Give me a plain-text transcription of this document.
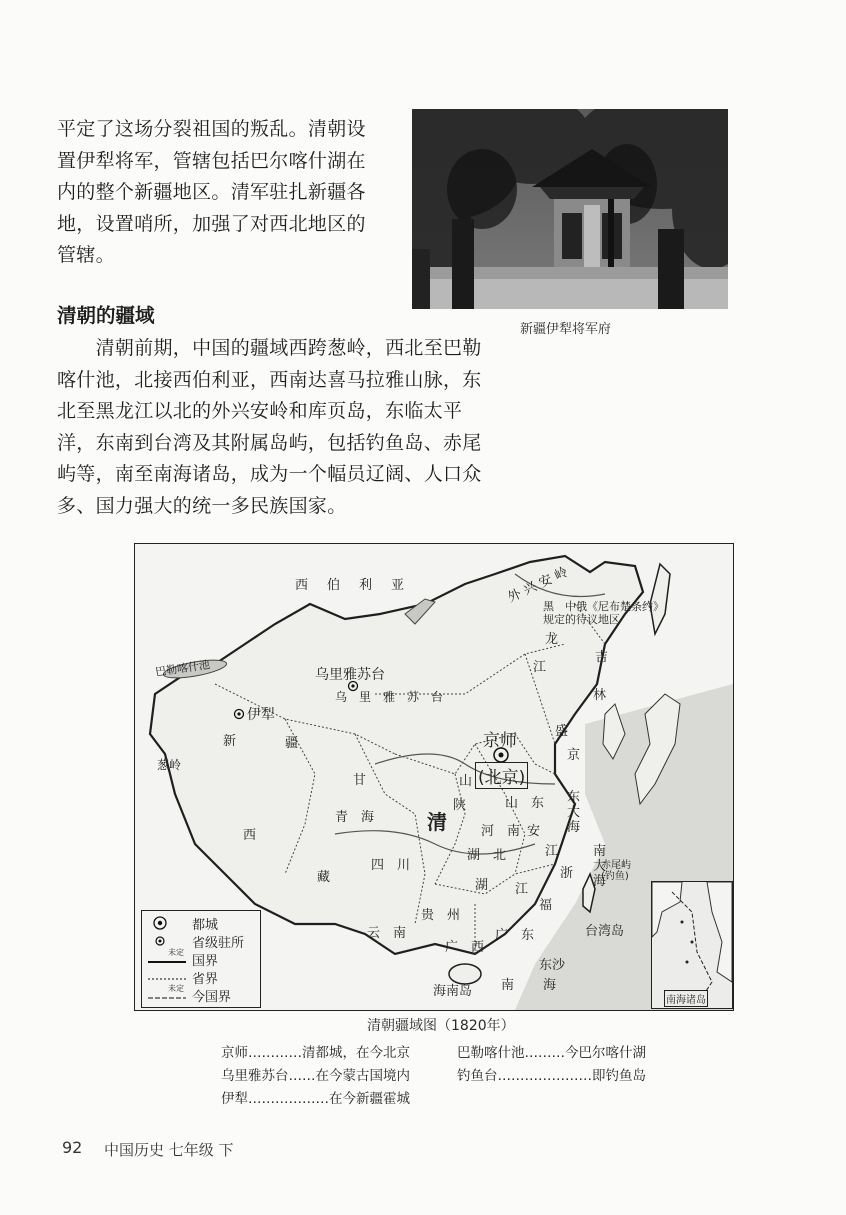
平定了这场分裂祖国的叛乱。清朝设
置伊犁将军，管辖包括巴尔喀什湖在
内的整个新疆地区。清军驻扎新疆各
地，设置哨所，加强了对西北地区的
管辖。
新疆伊犁将军府
清朝的疆域
　　清朝前期，中国的疆域西跨葱岭，西北至巴勒
喀什池，北接西伯利亚，西南达喜马拉雅山脉，东
北至黑龙江以北的外兴安岭和库页岛，东临太平
洋，东南到台湾及其附属岛屿，包括钓鱼岛、赤尾
屿等，南至南海诸岛，成为一个幅员辽阔、人口众
多、国力强大的统一多民族国家。
西　伯　利　亚	外 兴 安 岭
黑　中俄《尼布楚条约》
规定的待议地区
巴勒喀什池	乌里雅苏台
乌　里　雅　苏　台
伊犁
新	疆
葱岭
甘
青　海
西
藏
四　川
清
京师
(北京)
山
陕	山　东
河　南 安
江
湖　北
湖 江
浙
福
贵　州
云　南
广　西
广　东
吉
林
江
龙
盛
京
东
大
海
南
大
海
赤尾屿
(钓鱼)
台湾岛
东沙
海南岛 南 海
都城
省级驻所
未定
国界
省界
未定
今国界	南海诸岛
清朝疆域图（1820年）
京师…………清都城，在今北京	巴勒喀什池………今巴尔喀什湖
乌里雅苏台……在今蒙古国境内	钓鱼台…………………即钓鱼岛
伊犁………………在今新疆霍城
92 中国历史 七年级 下
